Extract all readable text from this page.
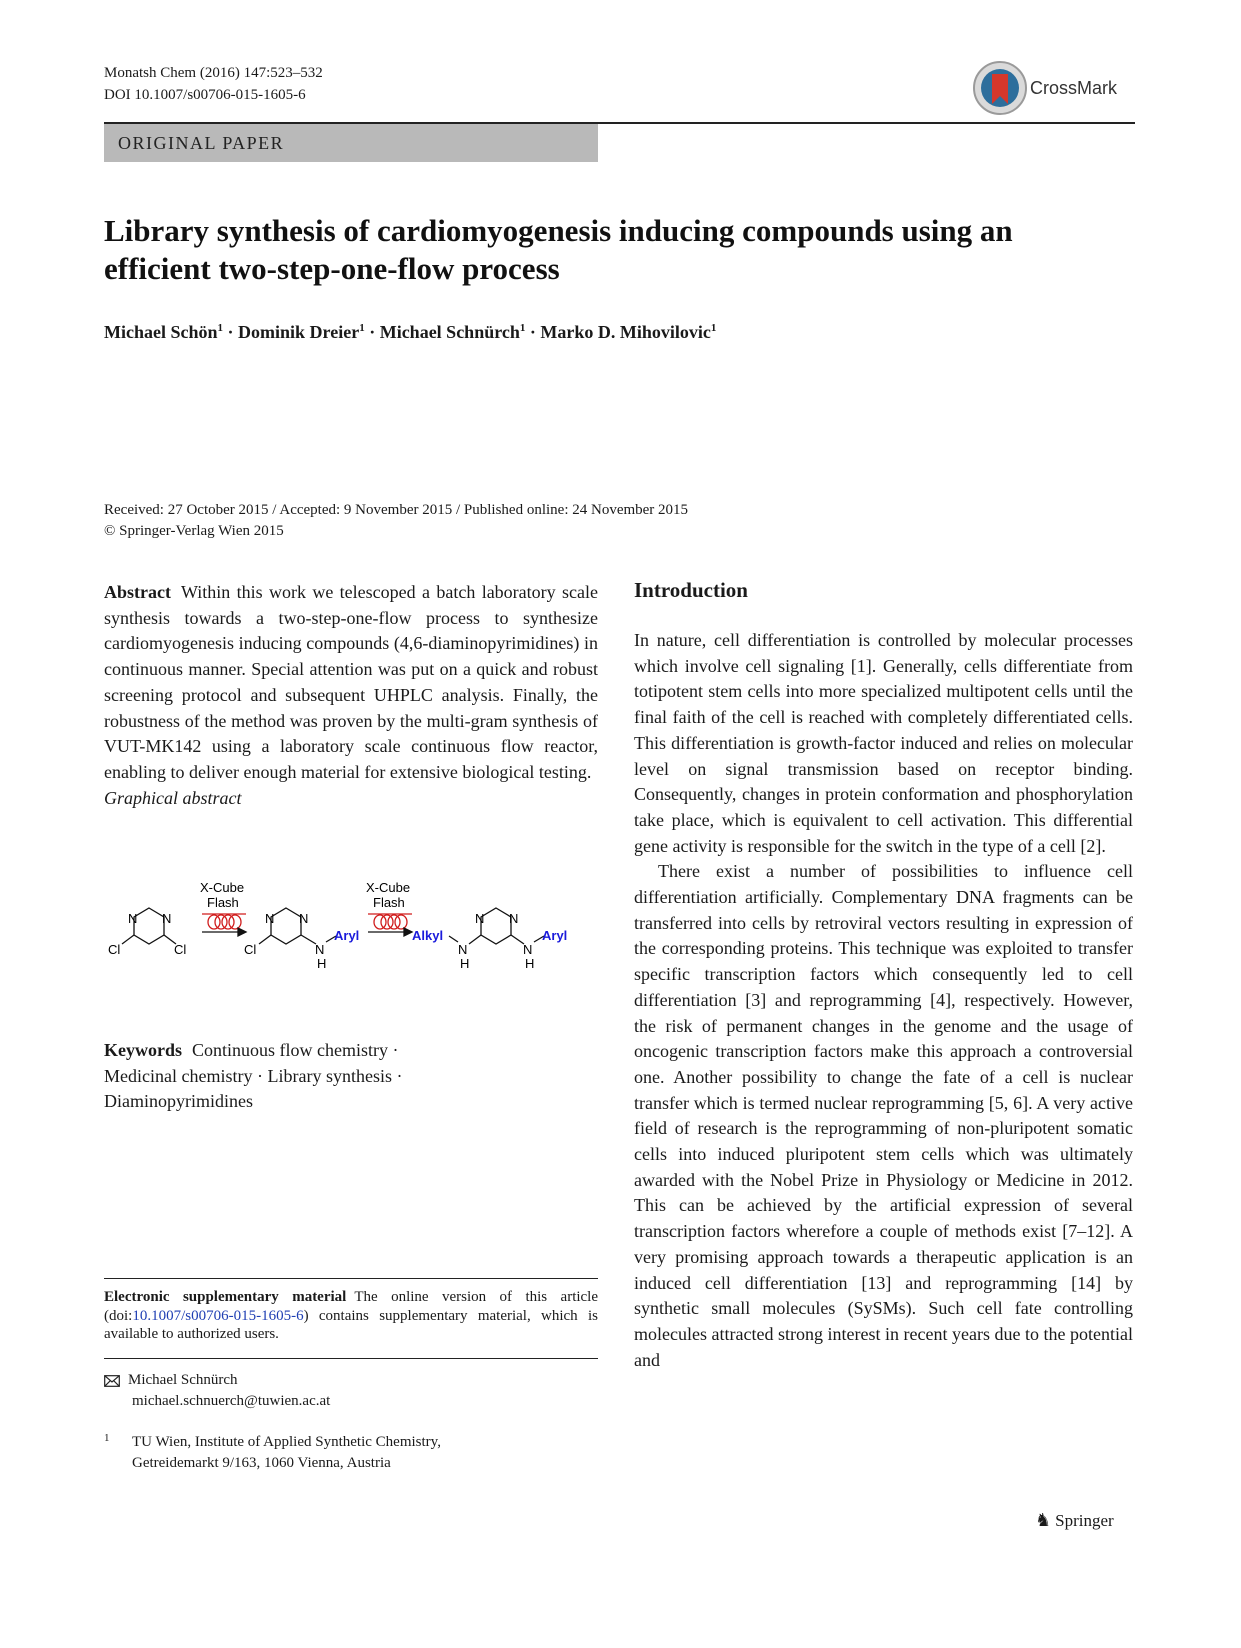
Monatsh Chem (2016) 147:523–532
DOI 10.1007/s00706-015-1605-6	CrossMark
ORIGINAL PAPER
Library synthesis of cardiomyogenesis inducing compounds using an efficient two-step-one-flow process
Michael Schön$^1$ · Dominik Dreier$^1$ · Michael Schnürch$^1$ · Marko D. Mihovilovic$^1$
Received: 27 October 2015 / Accepted: 9 November 2015 / Published online: 24 November 2015
© Springer-Verlag Wien 2015
Abstract Within this work we telescoped a batch laboratory scale synthesis towards a two-step-one-flow process to synthesize cardiomyogenesis inducing compounds (4,6-diaminopyrimidines) in continuous manner. Special attention was put on a quick and robust screening protocol and subsequent UHPLC analysis. Finally, the robustness of the method was proven by the multi-gram synthesis of VUT-MK142 using a laboratory scale continuous flow reactor, enabling to deliver enough material for extensive biological testing.
Graphical abstract
N N
Cl	Cl
X-Cube
Flash
N N
Cl	N
H
Aryl
X-Cube
Flash
Alkyl
N
H
N N
N
H
Aryl
Keywords Continuous flow chemistry ·
Medicinal chemistry · Library synthesis ·
Diaminopyrimidines
Electronic supplementary material The online version of this article (doi:10.1007/s00706-015-1605-6) contains supplementary material, which is available to authorized users.
Michael Schnürch
michael.schnuerch@tuwien.ac.at
1 TU Wien, Institute of Applied Synthetic Chemistry,
Getreidemarkt 9/163, 1060 Vienna, Austria
Introduction

In nature, cell differentiation is controlled by molecular processes which involve cell signaling [1]. Generally, cells differentiate from totipotent stem cells into more specialized multipotent cells until the final faith of the cell is reached with completely differentiated cells. This differentiation is growth-factor induced and relies on molecular level on signal transmission based on receptor binding. Consequently, changes in protein conformation and phosphorylation take place, which is equivalent to cell activation. This differential gene activity is responsible for the switch in the type of a cell [2].

There exist a number of possibilities to influence cell differentiation artificially. Complementary DNA fragments can be transferred into cells by retroviral vectors resulting in expression of the corresponding proteins. This technique was exploited to transfer specific transcription factors which consequently led to cell differentiation [3] and reprogramming [4], respectively. However, the risk of permanent changes in the genome and the usage of oncogenic transcription factors make this approach a controversial one. Another possibility to change the fate of a cell is nuclear transfer which is termed nuclear reprogramming [5, 6]. A very active field of research is the reprogramming of non-pluripotent somatic cells into induced pluripotent stem cells which was ultimately awarded with the Nobel Prize in Physiology or Medicine in 2012. This can be achieved by the artificial expression of several transcription factors wherefore a couple of methods exist [7–12]. A very promising approach towards a therapeutic application is an induced cell differentiation [13] and reprogramming [14] by synthetic small molecules (SySMs). Such cell fate controlling molecules attracted strong interest in recent years due to the potential and

♞ Springer
